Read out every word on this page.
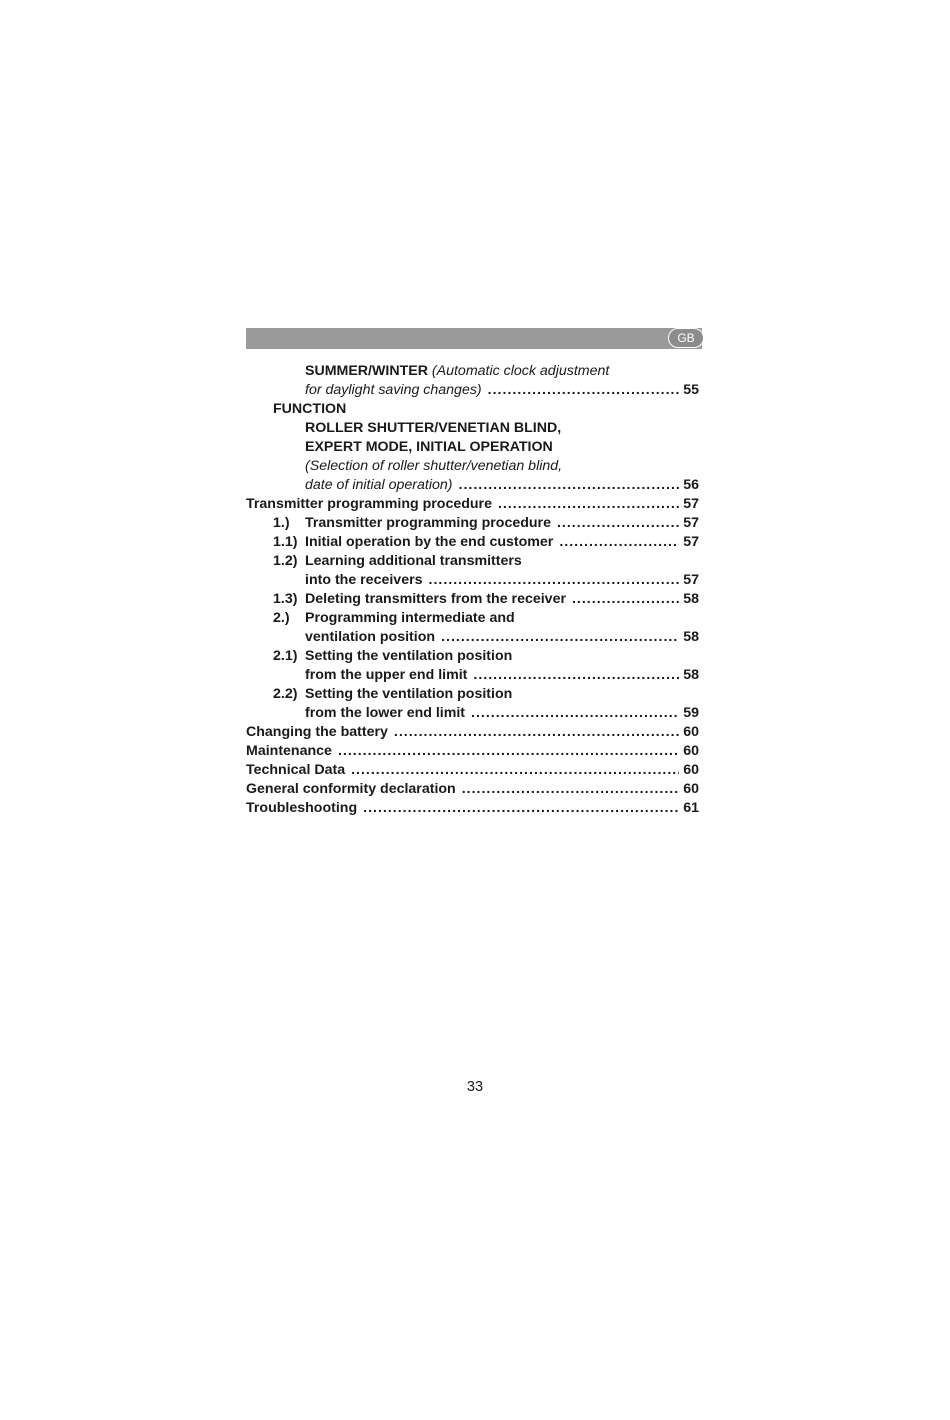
GB
SUMMER/WINTER
(Automatic clock adjustment
for daylight saving changes) .....	55
FUNCTION
ROLLER SHUTTER/VENETIAN BLIND,
EXPERT MODE, INITIAL OPERATION
(Selection of roller shutter/venetian blind,
date of initial operation) .....	56
Transmitter programming procedure .....	57
1.)	Transmitter programming procedure .....	57
1.1) Initial operation by the end customer .....	57
1.2) Learning additional transmitters
into the receivers .....	57
1.3) Deleting transmitters from the receiver .....	58
2.)	Programming intermediate and
ventilation position .....	58
2.1) Setting the ventilation position
from the upper end limit .....	58
2.2) Setting the ventilation position
from the lower end limit .....	59
Changing the battery .....	60
Maintenance .....	60
Technical Data .....	60
General conformity declaration .....	60
Troubleshooting .....	61
33
